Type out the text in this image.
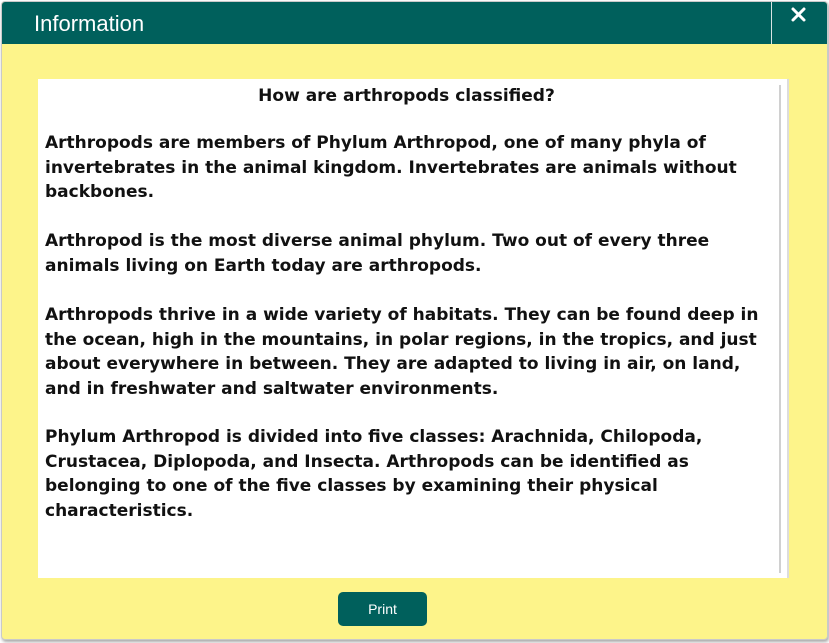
Information
How are arthropods classified?

Arthropods are members of Phylum Arthropod, one of many phyla of invertebrates in the animal kingdom. Invertebrates are animals without backbones.

Arthropod is the most diverse animal phylum. Two out of every three animals living on Earth today are arthropods.

Arthropods thrive in a wide variety of habitats. They can be found deep in the ocean, high in the mountains, in polar regions, in the tropics, and just about everywhere in between. They are adapted to living in air, on land, and in freshwater and saltwater environments.

Phylum Arthropod is divided into five classes: Arachnida, Chilopoda, Crustacea, Diplopoda, and Insecta. Arthropods can be identified as belonging to one of the five classes by examining their physical characteristics.

Print
